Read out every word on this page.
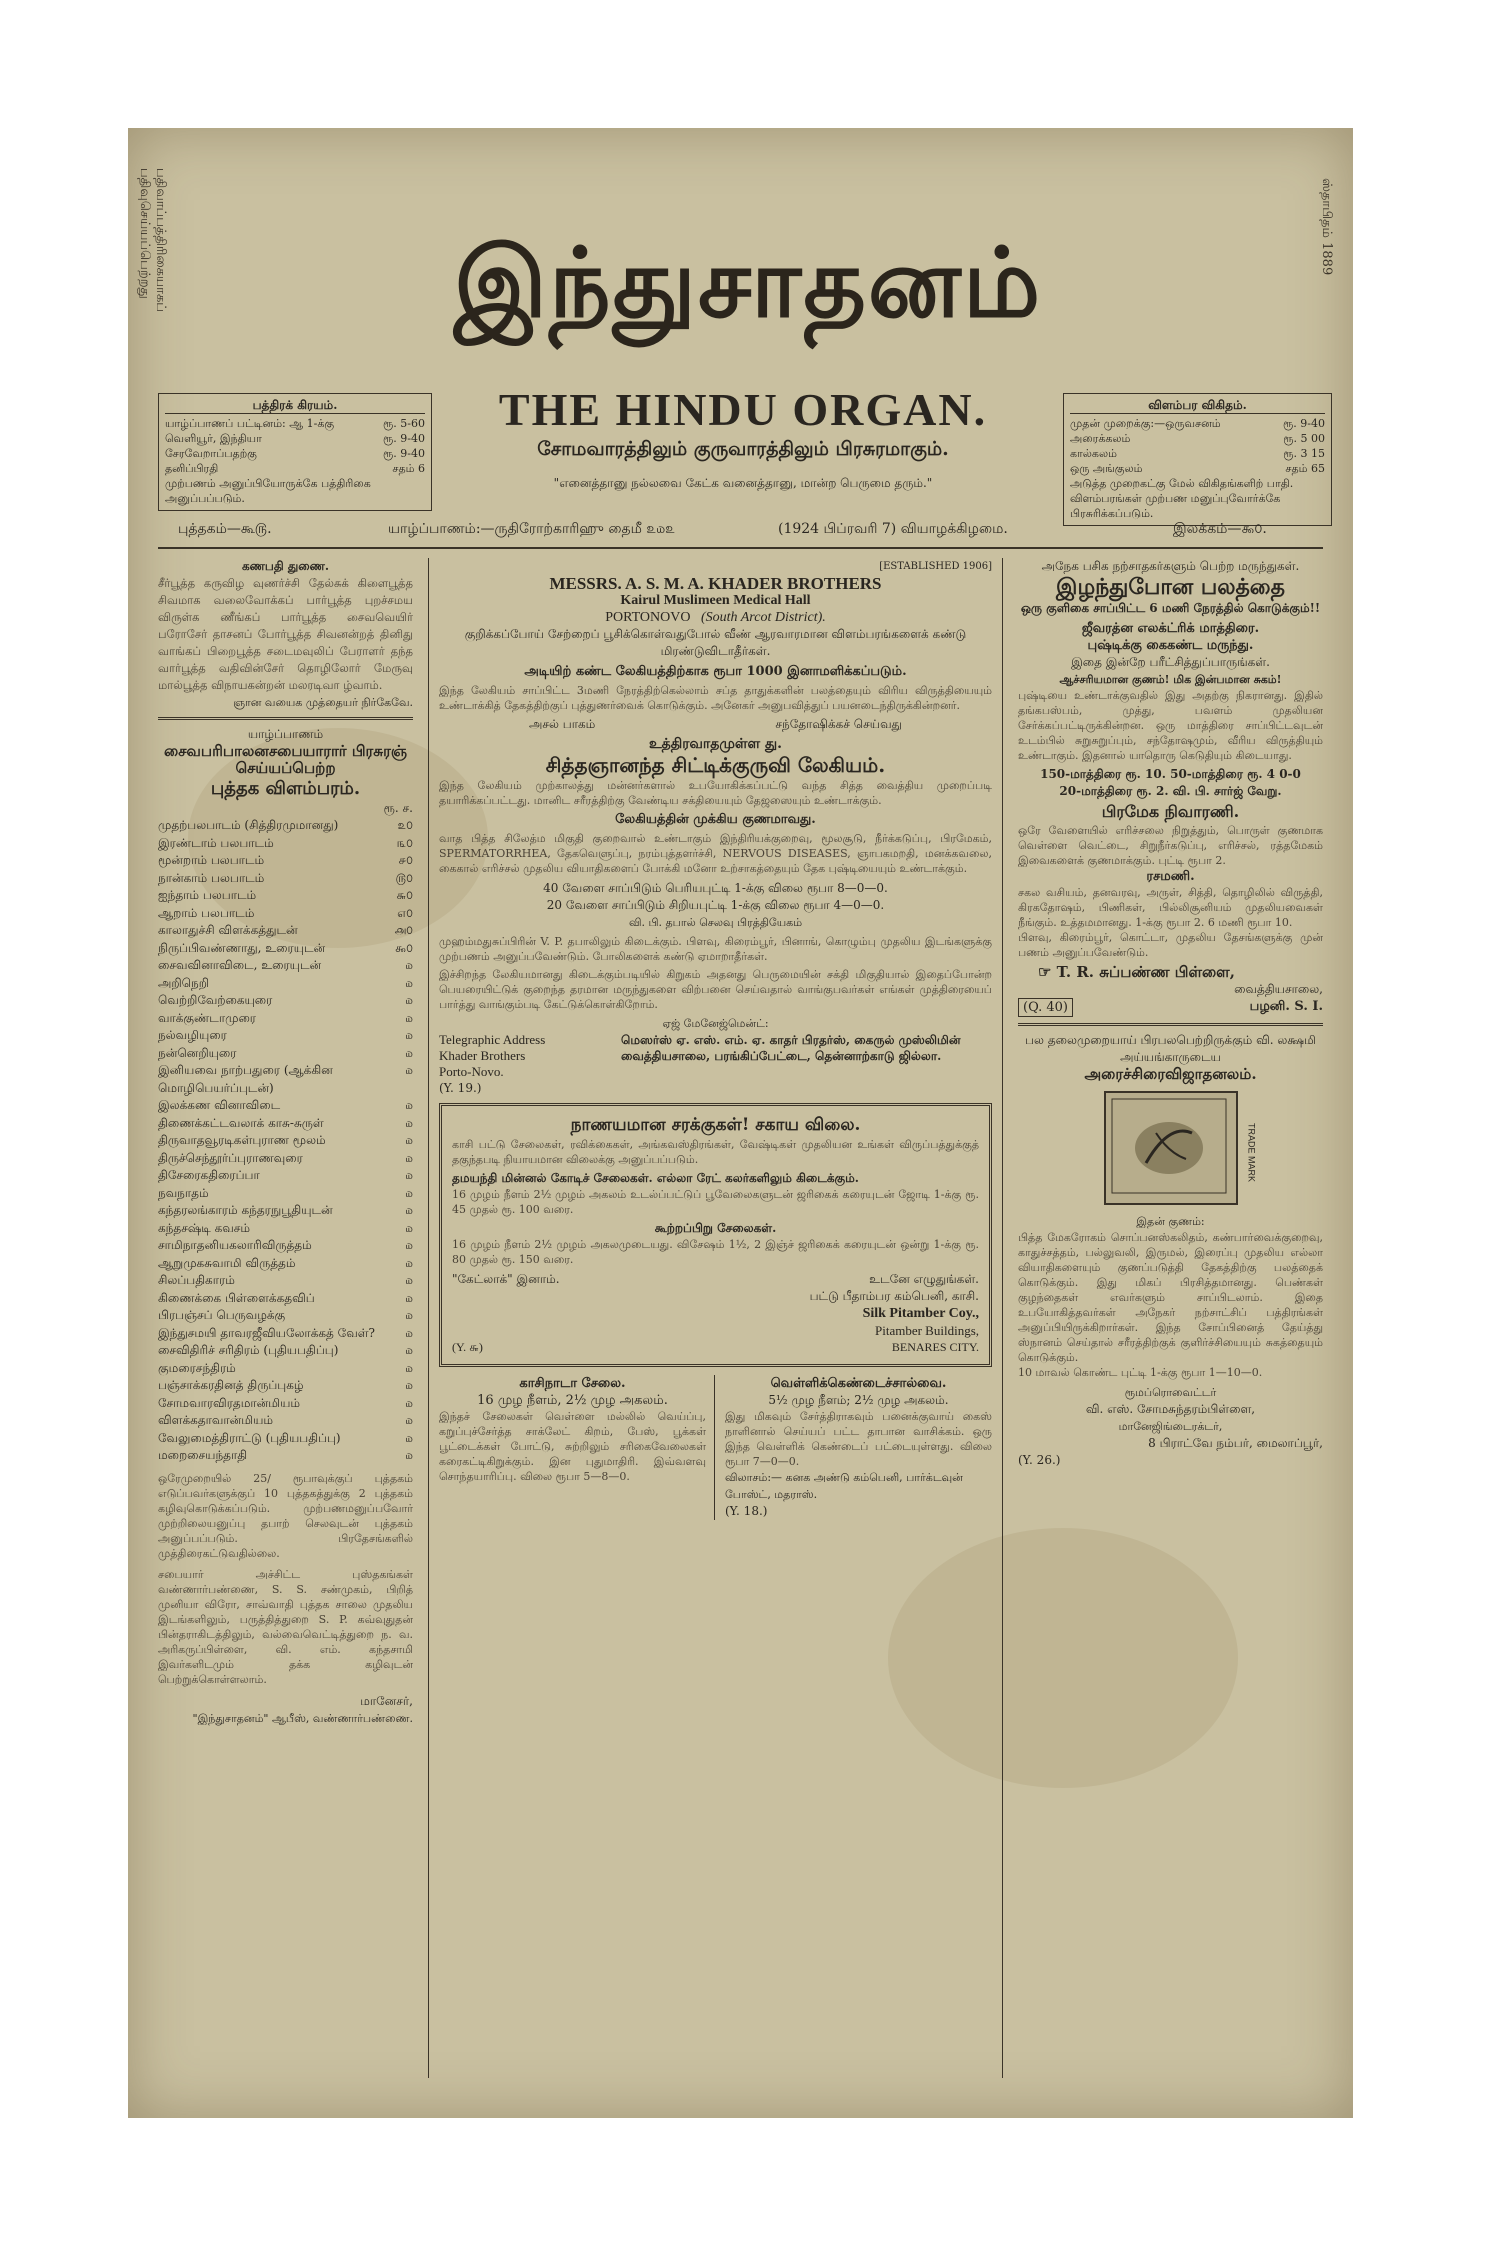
பதிவாப்பத்திரிகையாகப் பதிவுசெய்யப்பெற்றது	ஸ்தாபிதம் 1889
இந்துசாதனம்
பத்திரக் கிரயம்.
யாழ்ப்பாணப் பட்டினம்: ஆ 1-க்கு	ரூ. 5-60
வெளியூர், இந்தியா	ரூ. 9-40
சேரவேறாப்பதற்கு	ரூ. 9-40
தனிப்பிரதி	சதம் 6
முற்பணம் அனுப்பியோருக்கே பத்திரிகை அனுப்பப்படும்.
விளம்பர விகிதம்.
முதன் முறைக்கு:—ஒருவசனம்	ரூ. 9-40
அரைக்கலம்	ரூ. 5 00
கால்கலம்	ரூ. 3 15
ஒரு அங்குலம்	சதம் 65
அடுத்த முறைகட்கு மேல் விகிதங்களிற் பாதி. விளம்பரங்கள் முற்பண மனுப்புவோர்க்கே பிரசுரிக்கப்படும்.
THE HINDU ORGAN.
சோமவாரத்திலும் குருவாரத்திலும் பிரசுரமாகும்.
"எனைத்தானு நல்லவை கேட்க வனைத்தானு, மான்ற பெருமை தரும்."
புத்தகம்—கூ௫.	யாழ்ப்பாணம்:—ருதிரோற்காரிஹு தைமீ ௨௰௨	(1924 பிப்ரவரி 7) வியாழக்கிழமை.	இலக்கம்—௯௦.
கணபதி துணை.
சீர்பூத்த கருவிழ வுணர்ச்சி தேல்சுக் கிளைபூத்த சிவமாக வலைவோக்கப் பார்பூத்த புறச்சமய விருள்க ணீங்கப் பார்பூத்த சைவவெயிர் பரோசேர் தாசனப் போர்பூத்த சிவனன்றத் தினிது வாங்கப் பிறைபூத்த சடைமவுலிப் பேராளர் தந்த வார்பூத்த வதிவின்சேர் தொழிலோர் மேருவு மால்பூத்த விநாயகன்றன் மலரடிவா ழ்வாம்.
ஞான வயைக முத்தையர் நிர்கேவே.
யாழ்ப்பாணம்
சைவபரிபாலனசபையாரார் பிரசுரஞ் செய்யப்பெற்ற
புத்தக விளம்பரம்.
ரூ. ச.
முதற்பலபாடம் (சித்திரமுமானது)	௨௦
இரண்டாம் பலபாடம்	௩௦
மூன்றாம் பலபாடம்	௪௦
நான்காம் பலபாடம்	௫௦
ஐந்தாம் பலபாடம்	௬௦
ஆறாம் பலபாடம்	௭௦
காலாதுச்சி விளக்கத்துடன்	௮௦
நிருப்பிவண்ணாது, உரையுடன்	௯௦
சைவவினாவிடை, உரையுடன்	௰
அறிநெறி	௰
வெற்றிவேற்கையுரை	௰
வாக்குண்டாமுரை	௰
நல்வழியுரை	௰
நன்னெறியுரை	௰
இனியவை நாற்பதுரை (ஆக்கின மொழிபெயர்ப்புடன்)
௰
இலக்கண வினாவிடை	௰
திணைக்கட்டவலாக் காசு-சுருள்	௰
திருவாதவூரடிகள்புராண மூலம்	௰
திருச்செந்தூர்ப்புராணவுரை	௰
திசேரைகதிரைப்பா	௰
நவநாதம்	௰
கந்தரலங்காரம் கந்தரநுபூதியுடன்	௰
கந்தசஷ்டி கவசம்	௰
சாமிநாதனியகலாரிவிருத்தம்	௰
ஆறுமுகசுவாமி விருத்தம்	௰
சிலப்பதிகாரம்	௰
கிணைக்கை பிள்ளைக்கதவிப்	௰
பிரபஞ்சப் பெருவழக்கு	௰
இந்துசமயி தாவரஜீவியலோக்கத் வேள்?	௰
சைவிதிரிச் சரிதிரம் (புதியபதிப்பு)	௰
குமரைசந்திரம்	௰
பஞ்சாக்கரதினத் திருப்புகழ்	௰
சோமவாரவிரதமான்மியம்	௰
விளக்கதாவான்மியம்	௰
வேலுமைத்திராட்டு (புதியபதிப்பு)	௰
மறைசையந்தாதி	௰
ஒரேமுறையில் 25/ ரூபாவுக்குப் புத்தகம் எடுப்பவர்களுக்குப் 10 புத்தகத்துக்கு 2 புத்தகம் கழிவுகொடுக்கப்படும். முற்பணமனுப்பவோர் முற்றிலையனுப்பு தபாற் செலவுடன் புத்தகம் அனுப்பப்படும். பிரதேசங்களில் முத்திரைகட்டுவதில்லை.
சபையார் அச்சிட்ட புஸ்தகங்கள் வண்ணார்பண்ணை, S. S. சண்முகம், பிறித் முனியா விரோ, சாவ்வாதி புத்தக சாலை முதலிய இடங்களிலும், பருத்தித்துறை S. P. கவ்வுதுதன் பின்தராகிடத்திலும், வல்வைவெட்டித்துறை ந. வ. அரிகருப்பிள்ளை, வி. எம். கந்தசாமி இவர்களிடமும் தக்க கழிவுடன் பெற்றுக்கொள்ளலாம்.
மானேசர்,
"இந்துசாதனம்" ஆபீஸ், வண்ணார்பண்ணை.
[ESTABLISHED 1906]
MESSRS. A. S. M. A. KHADER BROTHERS
Kairul Muslimeen Medical Hall
PORTONOVO (South Arcot District).
குறிக்கப்போய் சேற்றைப் பூசிக்கொள்வதுபோல் வீண் ஆரவாரமான விளம்பரங்களைக் கண்டு மிரண்டுவிடாதீர்கள்.
அடியிற் கண்ட லேகியத்திற்காக ரூபா 1000 இனாமளிக்கப்படும்.
இந்த லேகியம் சாப்பிட்ட 3மணி நேரத்திற்கெல்லாம் சப்த தாதுக்களின் பலத்தையும் விரிய விருத்தியையும் உண்டாக்கித் தேகத்திற்குப் புத்துணர்வைக் கொடுக்கும். அனேகர் அனுபவித்துப் பயனடைந்திருக்கின்றனர்.
அசல் பாகம்	சந்தோஷிக்கச் செய்வது
உத்திரவாதமுள்ள து.
சித்தஞானந்த சிட்டிக்குருவி லேகியம்.
இந்த லேகியம் முற்காலத்து மன்னர்களால் உபயோகிக்கப்பட்டு வந்த சித்த வைத்திய முறைப்படி தயாரிக்கப்பட்டது. மானிட சரீரத்திற்கு வேண்டிய சக்தியையும் தேஜஸையும் உண்டாக்கும்.
லேகியத்தின் முக்கிய குணமாவது.
வாத பித்த சிலேத்ம மிகுதி குறைவால் உண்டாகும் இந்திரியக்குறைவு, மூலசூடு, நீர்க்கடுப்பு, பிரமேகம், SPERMATORRHEA, தேகவெளுப்பு, நரம்புத்தளர்ச்சி, NERVOUS DISEASES, ஞாபகமறதி, மனக்கவலை, கைகால் எரிச்சல் முதலிய வியாதிகளைப் போக்கி மனோ உற்சாகத்தையும் தேக புஷ்டியையும் உண்டாக்கும்.
40 வேளை சாப்பிடும் பெரியபுட்டி 1-க்கு விலை ரூபா 8—0—0.
20 வேளை சாப்பிடும் சிறியபுட்டி 1-க்கு விலை ரூபா 4—0—0.
வி. பி. தபால் செலவு பிரத்தியேகம்
முஹம்மதுசுப்பிரின் V. P. தபாலிலும் கிடைக்கும். பிளவு, கிரைம்பூர், பினாங், கொழும்பு முதலிய இடங்களுக்கு முற்பணம் அனுப்பவேண்டும். போலிகளைக் கண்டு ஏமாறாதீர்கள்.
இச்சிறந்த லேகியமானது கிடைக்கும்படியில் கிறுகம் அதனது பெருமையின் சக்தி மிகுதியால் இதைப்போன்ற பெயரையிட்டுக் குறைந்த தரமான மருந்துகளை விற்பனை செய்வதால் வாங்குபவர்கள் எங்கள் முத்திரையைப் பார்த்து வாங்கும்படி கேட்டுக்கொள்கிறோம்.
ஏஜ் மேனேஜ்மென்ட்:
Telegraphic Address
Khader Brothers
Porto-Novo.
மெஸர்ஸ் ஏ. எஸ். எம். ஏ. காதர் பிரதர்ஸ், கைருல் முஸ்லிமின் வைத்தியசாலை, பரங்கிப்பேட்டை, தென்னாற்காடு ஜில்லா.
(Y. 19.)
நாணயமான சரக்குகள்! சகாய விலை.
காசி பட்டு சேலைகள், ரவிக்கைகள், அங்கவஸ்திரங்கள், வேஷ்டிகள் முதலியன உங்கள் விருப்பத்துக்குத் தகுந்தபடி நியாயமான விலைக்கு அனுப்பப்படும்.
தமயந்தி மின்னல் கோடிச் சேலைகள். எல்லா ரேட் கலர்களிலும் கிடைக்கும்.
16 முழம் நீளம் 2½ முழம் அகலம் உடல்ப்பட்டுப் பூவேலைகளுடன் ஜரிகைக் கரையுடன் ஜோடி 1-க்கு ரூ. 45 முதல் ரூ. 100 வரை.
கூற்றப்பிறு சேலைகள்.
16 முழம் நீளம் 2½ முழம் அகலமுடையது. விசேஷம் 1½, 2 இஞ்ச் ஜரிகைக் கரையுடன் ஒன்று 1-க்கு ரூ. 80 முதல் ரூ. 150 வரை.
"கேட்லாக்" இனாம்.	உடனே எழுதுங்கள்.
பட்டு பீதாம்பர கம்பெனி, காசி.
Silk Pitamber Coy.,
Pitamber Buildings,
(Y. ௬)	BENARES CITY.
காசிநாடா சேலை.
16 முழ நீளம், 2½ முழ அகலம்.
இந்தச் சேலைகள் வெள்ளை மல்லில் வெய்ப்பு, கறுப்புச்சேர்த்த சாக்லேட் கிறம், பேஸ், பூக்கள் பூட்டைக்கள் போட்டு, சுற்றிலும் சரிகைவேலைகள் கரைகட்டிகிறுக்கும். இன புதுமாதிரி. இவ்வளவு சொந்தயாரிப்பு. விலை ரூபா 5—8—0.
வெள்ளிக்கெண்டைச்சால்வை.
5½ முழ நீளம்; 2½ முழ அகலம்.
இது மிகவும் சேர்த்திராகவும் பனைக்குவாய் கைஸ் நாளினால் செய்யப் பட்ட தாபான வாசிக்கம். ஒரு இந்த வெள்ளிக் கெண்டைப் பட்டையுள்ளது. விலை ரூபா 7—0—0.
விலாசம்:— கனக அண்டு கம்பெனி, பார்க்டவுன் போஸ்ட், மதராஸ்.
(Y. 18.)
அநேக பசிக நற்சாதகர்களும் பெற்ற மருந்துகள்.
இழந்துபோன பலத்தை
ஒரு குளிகை சாப்பிட்ட 6 மணி நேரத்தில் கொடுக்கும்!!
ஜீவரத்ன எலக்ட்ரிக் மாத்திரை.
புஷ்டிக்கு கைகண்ட மருந்து.
இதை இன்றே பரீட்சித்துப்பாருங்கள்.
ஆச்சரியமான குணம்! மிக இன்பமான சுகம்!
புஷ்டியை உண்டாக்குவதில் இது அதற்கு நிகரானது. இதில் தங்கபஸ்பம், முத்து, பவளம் முதலியன சேர்க்கப்பட்டிருக்கின்றன. ஒரு மாத்திரை சாப்பிட்டவுடன் உடம்பில் சுறுசுறுப்பும், சந்தோஷமும், வீரிய விருத்தியும் உண்டாகும். இதனால் யாதொரு கெடுதியும் கிடையாது.
150-மாத்திரை ரூ. 10. 50-மாத்திரை ரூ. 4 0-0
20-மாத்திரை ரூ. 2. வி. பி. சார்ஜ் வேறு.
பிரமேக நிவாரணி.
ஒரே வேளையில் எரிச்சலை நிறுத்தும், பொருள் குணமாக வெள்ளை வெட்டை, சிறுநீர்கடுப்பு, எரிச்சல், ரத்தமேகம் இவைகளைக் குணமாக்கும். புட்டி ரூபா 2.
ரசமணி.
சகல வசியம், தனவரவு, அருள், சித்தி, தொழிலில் விருத்தி, கிரகதோஷம், பிணிகள், பில்லிசூனியம் முதலியவைகள் நீங்கும். உத்தமமானது. 1-க்கு ரூபா 2. 6 மணி ரூபா 10.
பிளவு, கிரைம்பூர், கொட்டா, முதலிய தேசங்களுக்கு முன் பணம் அனுப்பவேண்டும்.
☞ T. R. சுப்பண்ண பிள்ளை,
வைத்தியசாலை,
(Q. 40)	பழனி. S. I.
பல தலைமுறையாய் பிரபலபெற்றிருக்கும் வி. லக்ஷமி அய்யங்காருடைய
அரைச்சிரைவிஜாதனலம்.
TRADE MARK
இதன் குணம்:
பித்த மேகரோகம் சொப்பனஸ்கலிதம், கண்பார்வைக்குறைவு, காதுச்சத்தம், பல்லுவலி, இருமல், இரைப்பு முதலிய எல்லா வியாதிகளையும் குணப்படுத்தி தேகத்திற்கு பலத்தைக் கொடுக்கும். இது மிகப் பிரசித்தமானது. பெண்கள் குழந்தைகள் எவர்களும் சாப்பிடலாம். இதை உபயோகித்தவர்கள் அநேகர் நற்சாட்சிப் பத்திரங்கள் அனுப்பியிருக்கிறார்கள். இந்த சோப்பினைத் தேய்த்து ஸ்நானம் செய்தால் சரீரத்திற்குக் குளிர்ச்சியையும் சுகத்தையும் கொடுக்கும்.
10 மாவல் கொண்ட புட்டி 1-க்கு ரூபா 1—10—0.
ரூமப்ரொவைட்டர்
வி. எஸ். சோமசுந்தரம்பிள்ளை,
மானேஜிங்டைரக்டர்,
8 பிராட்வே நம்பர், மைலாப்பூர்,
(Y. 26.)
